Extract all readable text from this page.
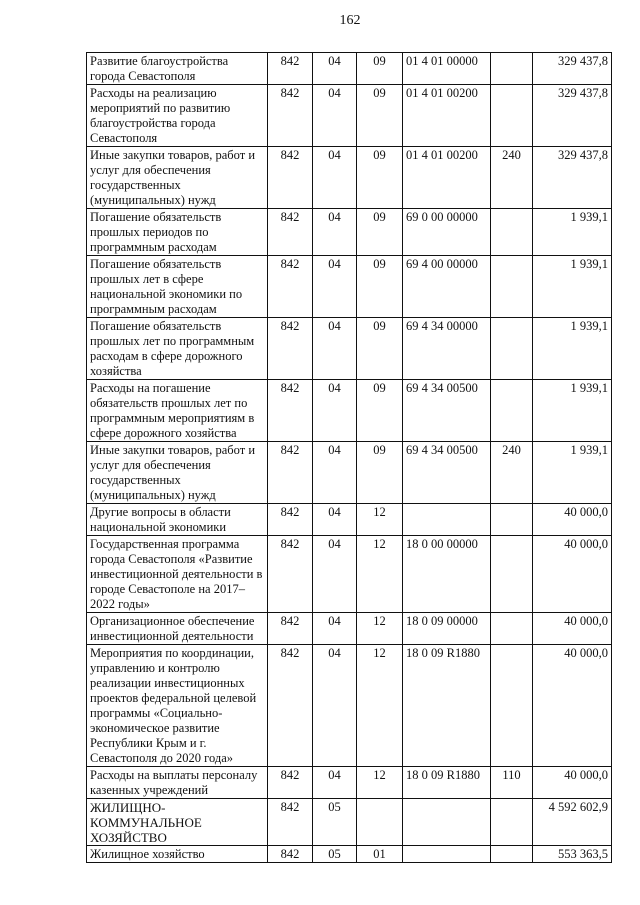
162
Развитие благоустройства города Севастополя	842	04	09	01 4 01 00000		329 437,8
Расходы на реализацию мероприятий по развитию благоустройства города Севастополя	842	04	09	01 4 01 00200		329 437,8
Иные закупки товаров, работ и услуг для обеспечения государственных (муниципальных) нужд	842	04	09	01 4 01 00200	240	329 437,8
Погашение обязательств прошлых периодов по программным расходам	842	04	09	69 0 00 00000		1 939,1
Погашение обязательств прошлых лет в сфере национальной экономики по программным расходам	842	04	09	69 4 00 00000		1 939,1
Погашение обязательств прошлых лет по программным расходам в сфере дорожного хозяйства	842	04	09	69 4 34 00000		1 939,1
Расходы на погашение обязательств прошлых лет по программным мероприятиям в сфере дорожного хозяйства	842	04	09	69 4 34 00500		1 939,1
Иные закупки товаров, работ и услуг для обеспечения государственных (муниципальных) нужд	842	04	09	69 4 34 00500	240	1 939,1
Другие вопросы в области национальной экономики	842	04	12			40 000,0
Государственная программа города Севастополя «Развитие инвестиционной деятельности в городе Севастополе на 2017–2022 годы»	842	04	12	18 0 00 00000		40 000,0
Организационное обеспечение инвестиционной деятельности	842	04	12	18 0 09 00000		40 000,0
Мероприятия по координации, управлению и контролю реализации инвестиционных проектов федеральной целевой программы «Социально-экономическое развитие Республики Крым и г. Севастополя до 2020 года»	842	04	12	18 0 09 R1880		40 000,0
Расходы на выплаты персоналу казенных учреждений	842	04	12	18 0 09 R1880	110	40 000,0
ЖИЛИЩНО-КОММУНАЛЬНОЕ ХОЗЯЙСТВО	842	05				4 592 602,9
Жилищное хозяйство	842	05	01			553 363,5
